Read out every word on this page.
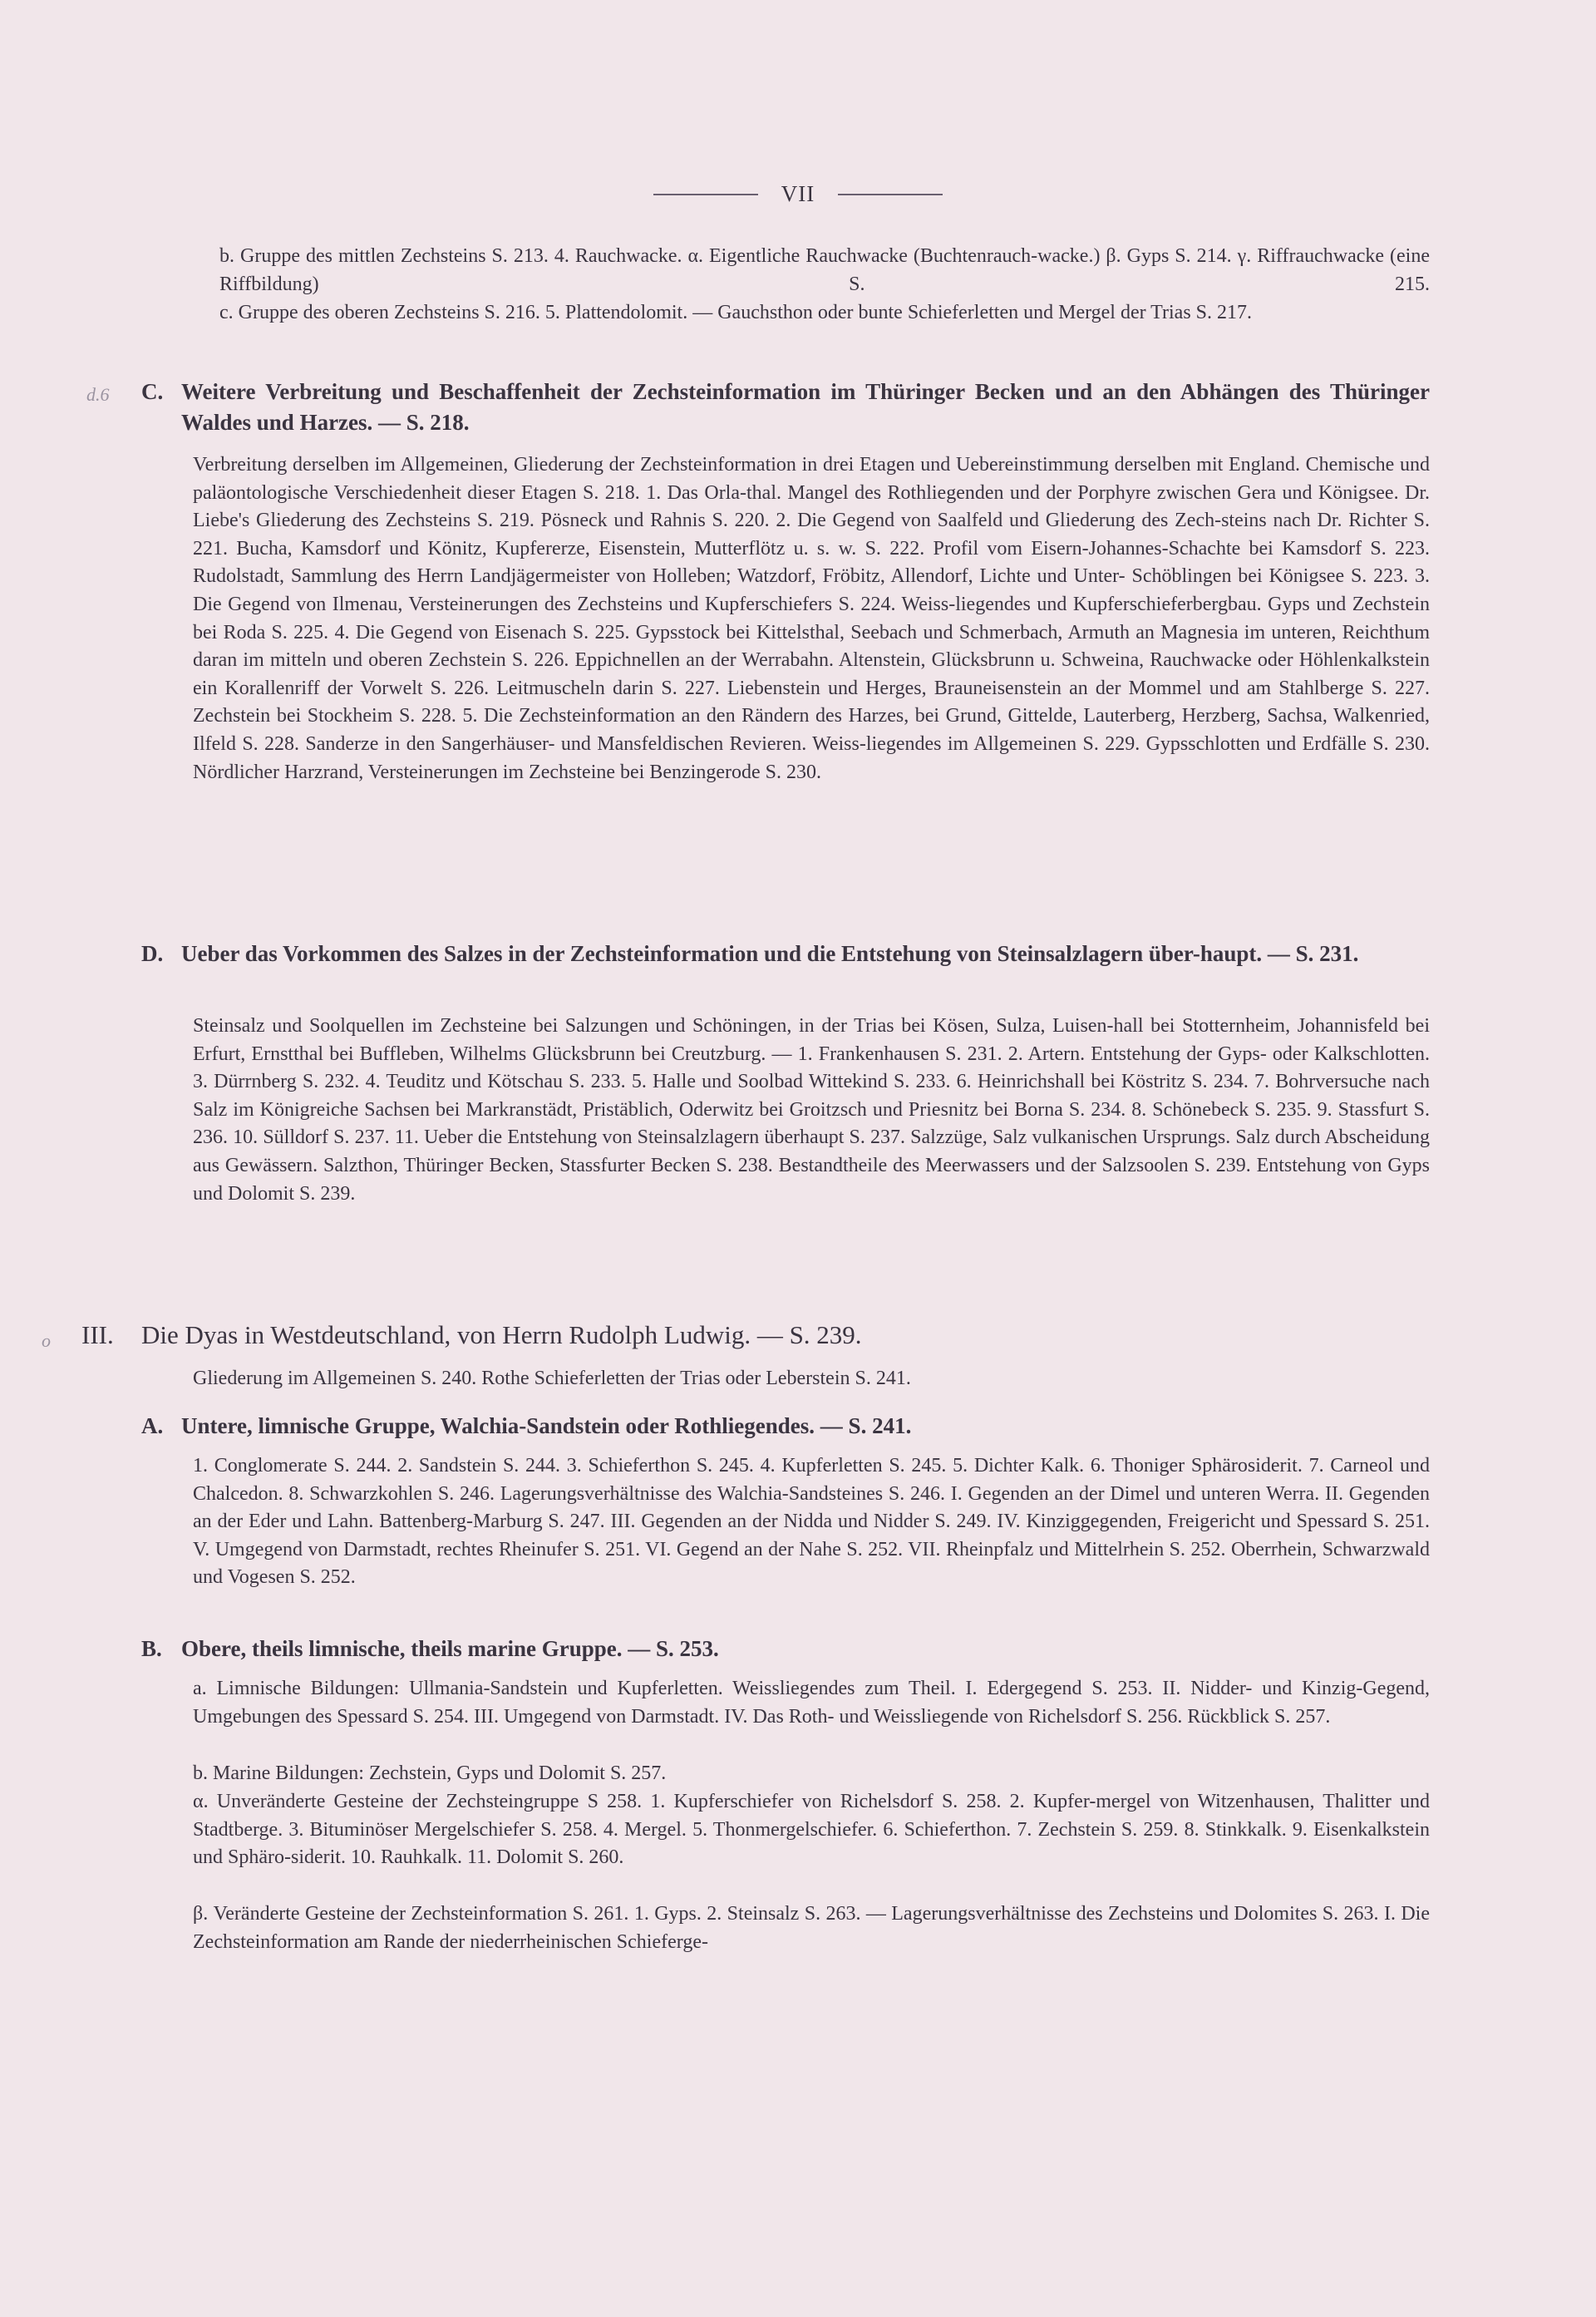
VII

b. Gruppe des mittlen Zechsteins S. 213. 4. Rauchwacke. α. Eigentliche Rauchwacke (Buchtenrauch-wacke.) β. Gyps S. 214. γ. Riffrauchwacke (eine Riffbildung) S. 215.

c. Gruppe des oberen Zechsteins S. 216. 5. Plattendolomit. — Gauchsthon oder bunte Schieferletten und Mergel der Trias S. 217.

d.6 C. Weitere Verbreitung und Beschaffenheit der Zechsteinformation im Thüringer Becken und an den Abhängen des Thüringer Waldes und Harzes. — S. 218.

Verbreitung derselben im Allgemeinen, Gliederung der Zechsteinformation in drei Etagen und Uebereinstimmung derselben mit England. Chemische und paläontologische Verschiedenheit dieser Etagen S. 218. 1. Das Orla-thal. Mangel des Rothliegenden und der Porphyre zwischen Gera und Königsee. Dr. Liebe's Gliederung des Zechsteins S. 219. Pösneck und Rahnis S. 220. 2. Die Gegend von Saalfeld und Gliederung des Zech-steins nach Dr. Richter S. 221. Bucha, Kamsdorf und Könitz, Kupfererze, Eisenstein, Mutterflötz u. s. w. S. 222. Profil vom Eisern-Johannes-Schachte bei Kamsdorf S. 223. Rudolstadt, Sammlung des Herrn Landjägermeister von Holleben; Watzdorf, Fröbitz, Allendorf, Lichte und Unter- Schöblingen bei Königsee S. 223. 3. Die Gegend von Ilmenau, Versteinerungen des Zechsteins und Kupferschiefers S. 224. Weiss-liegendes und Kupferschieferbergbau. Gyps und Zechstein bei Roda S. 225. 4. Die Gegend von Eisenach S. 225. Gypsstock bei Kittelsthal, Seebach und Schmerbach, Armuth an Magnesia im unteren, Reichthum daran im mitteln und oberen Zechstein S. 226. Eppichnellen an der Werrabahn. Altenstein, Glücksbrunn u. Schweina, Rauchwacke oder Höhlenkalkstein ein Korallenriff der Vorwelt S. 226. Leitmuscheln darin S. 227. Liebenstein und Herges, Brauneisenstein an der Mommel und am Stahlberge S. 227. Zechstein bei Stockheim S. 228. 5. Die Zechsteinformation an den Rändern des Harzes, bei Grund, Gittelde, Lauterberg, Herzberg, Sachsa, Walkenried, Ilfeld S. 228. Sanderze in den Sangerhäuser- und Mansfeldischen Revieren. Weiss-liegendes im Allgemeinen S. 229. Gypsschlotten und Erdfälle S. 230. Nördlicher Harzrand, Versteinerungen im Zechsteine bei Benzingerode S. 230.

D. Ueber das Vorkommen des Salzes in der Zechsteinformation und die Entstehung von Steinsalzlagern über-haupt. — S. 231.

Steinsalz und Soolquellen im Zechsteine bei Salzungen und Schöningen, in der Trias bei Kösen, Sulza, Luisen-hall bei Stotternheim, Johannisfeld bei Erfurt, Ernstthal bei Buffleben, Wilhelms Glücksbrunn bei Creutzburg. — 1. Frankenhausen S. 231. 2. Artern. Entstehung der Gyps- oder Kalkschlotten. 3. Dürrnberg S. 232. 4. Teuditz und Kötschau S. 233. 5. Halle und Soolbad Wittekind S. 233. 6. Heinrichshall bei Köstritz S. 234. 7. Bohrversuche nach Salz im Königreiche Sachsen bei Markranstädt, Pristäblich, Oderwitz bei Groitzsch und Priesnitz bei Borna S. 234. 8. Schönebeck S. 235. 9. Stassfurt S. 236. 10. Sülldorf S. 237. 11. Ueber die Entstehung von Steinsalzlagern überhaupt S. 237. Salzzüge, Salz vulkanischen Ursprungs. Salz durch Abscheidung aus Gewässern. Salzthon, Thüringer Becken, Stassfurter Becken S. 238. Bestandtheile des Meerwassers und der Salzsoolen S. 239. Entstehung von Gyps und Dolomit S. 239.

o III. Die Dyas in Westdeutschland, von Herrn Rudolph Ludwig. — S. 239.

Gliederung im Allgemeinen S. 240. Rothe Schieferletten der Trias oder Leberstein S. 241.

A. Untere, limnische Gruppe, Walchia-Sandstein oder Rothliegendes. — S. 241.

1. Conglomerate S. 244. 2. Sandstein S. 244. 3. Schieferthon S. 245. 4. Kupferletten S. 245. 5. Dichter Kalk. 6. Thoniger Sphärosiderit. 7. Carneol und Chalcedon. 8. Schwarzkohlen S. 246. Lagerungsverhältnisse des Walchia-Sandsteines S. 246. I. Gegenden an der Dimel und unteren Werra. II. Gegenden an der Eder und Lahn. Battenberg-Marburg S. 247. III. Gegenden an der Nidda und Nidder S. 249. IV. Kinziggegenden, Freigericht und Spessard S. 251. V. Umgegend von Darmstadt, rechtes Rheinufer S. 251. VI. Gegend an der Nahe S. 252. VII. Rheinpfalz und Mittelrhein S. 252. Oberrhein, Schwarzwald und Vogesen S. 252.

B. Obere, theils limnische, theils marine Gruppe. — S. 253.

a. Limnische Bildungen: Ullmania-Sandstein und Kupferletten. Weissliegendes zum Theil. I. Edergegend S. 253. II. Nidder- und Kinzig-Gegend, Umgebungen des Spessard S. 254. III. Umgegend von Darmstadt. IV. Das Roth- und Weissliegende von Richelsdorf S. 256. Rückblick S. 257.

b. Marine Bildungen: Zechstein, Gyps und Dolomit S. 257.

α. Unveränderte Gesteine der Zechsteingruppe S 258. 1. Kupferschiefer von Richelsdorf S. 258. 2. Kupfer-mergel von Witzenhausen, Thalitter und Stadtberge. 3. Bituminöser Mergelschiefer S. 258. 4. Mergel. 5. Thonmergelschiefer. 6. Schieferthon. 7. Zechstein S. 259. 8. Stinkkalk. 9. Eisenkalkstein und Sphäro-siderit. 10. Rauhkalk. 11. Dolomit S. 260.

β. Veränderte Gesteine der Zechsteinformation S. 261. 1. Gyps. 2. Steinsalz S. 263. — Lagerungsverhältnisse des Zechsteins und Dolomites S. 263. I. Die Zechsteinformation am Rande der niederrheinischen Schieferge-
